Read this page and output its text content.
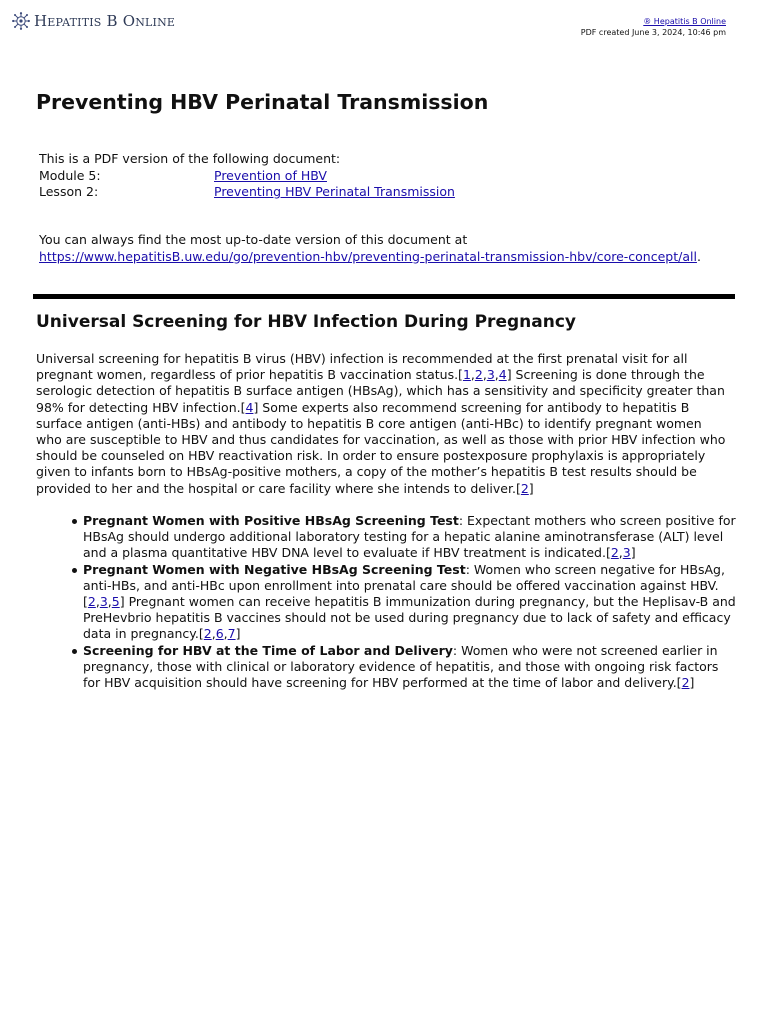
Hepatitis B Online	® Hepatitis B Online
PDF created June 3, 2024, 10:46 pm
Preventing HBV Perinatal Transmission
This is a PDF version of the following document:
Module 5:	Prevention of HBV
Lesson 2:	Preventing HBV Perinatal Transmission
You can always find the most up-to-date version of this document at
https://www.hepatitisB.uw.edu/go/prevention-hbv/preventing-perinatal-transmission-hbv/core-concept/all.
Universal Screening for HBV Infection During Pregnancy

Universal screening for hepatitis B virus (HBV) infection is recommended at the first prenatal visit for all pregnant women, regardless of prior hepatitis B vaccination status.[1,2,3,4] Screening is done through the serologic detection of hepatitis B surface antigen (HBsAg), which has a sensitivity and specificity greater than 98% for detecting HBV infection.[4] Some experts also recommend screening for antibody to hepatitis B surface antigen (anti-HBs) and antibody to hepatitis B core antigen (anti-HBc) to identify pregnant women who are susceptible to HBV and thus candidates for vaccination, as well as those with prior HBV infection who should be counseled on HBV reactivation risk. In order to ensure postexposure prophylaxis is appropriately given to infants born to HBsAg-positive mothers, a copy of the mother’s hepatitis B test results should be provided to her and the hospital or care facility where she intends to deliver.[2]

Pregnant Women with Positive HBsAg Screening Test: Expectant mothers who screen positive for HBsAg should undergo additional laboratory testing for a hepatic alanine aminotransferase (ALT) level and a plasma quantitative HBV DNA level to evaluate if HBV treatment is indicated.[2,3]
Pregnant Women with Negative HBsAg Screening Test: Women who screen negative for HBsAg, anti-HBs, and anti-HBc upon enrollment into prenatal care should be offered vaccination against HBV.[2,3,5] Pregnant women can receive hepatitis B immunization during pregnancy, but the Heplisav-B and PreHevbrio hepatitis B vaccines should not be used during pregnancy due to lack of safety and efficacy data in pregnancy.[2,6,7]
Screening for HBV at the Time of Labor and Delivery: Women who were not screened earlier in pregnancy, those with clinical or laboratory evidence of hepatitis, and those with ongoing risk factors for HBV acquisition should have screening for HBV performed at the time of labor and delivery.[2]
